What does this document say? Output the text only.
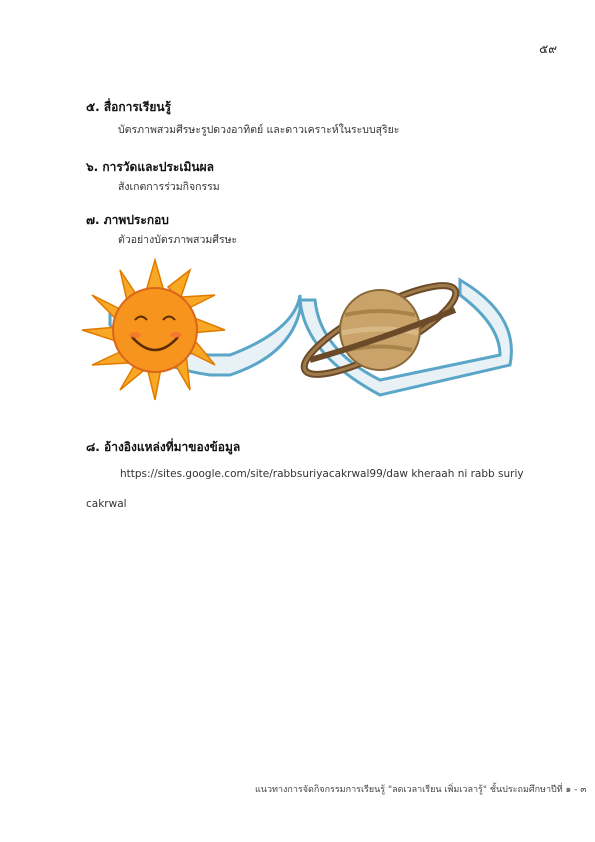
๕๙
๕. สื่อการเรียนรู้
บัตรภาพสวมศีรษะรูปดวงอาทิตย์ และดาวเคราะห์ในระบบสุริยะ
๖. การวัดและประเมินผล
สังเกตการร่วมกิจกรรม
๗. ภาพประกอบ
ตัวอย่างบัตรภาพสวมศีรษะ
๘. อ้างอิงแหล่งที่มาของข้อมูล
https://sites.google.com/site/rabbsuriyacakrwal99/daw kheraah ni rabb suriy
cakrwal
แนวทางการจัดกิจกรรมการเรียนรู้ "ลดเวลาเรียน เพิ่มเวลารู้" ชั้นประถมศึกษาปีที่ ๑ - ๓
